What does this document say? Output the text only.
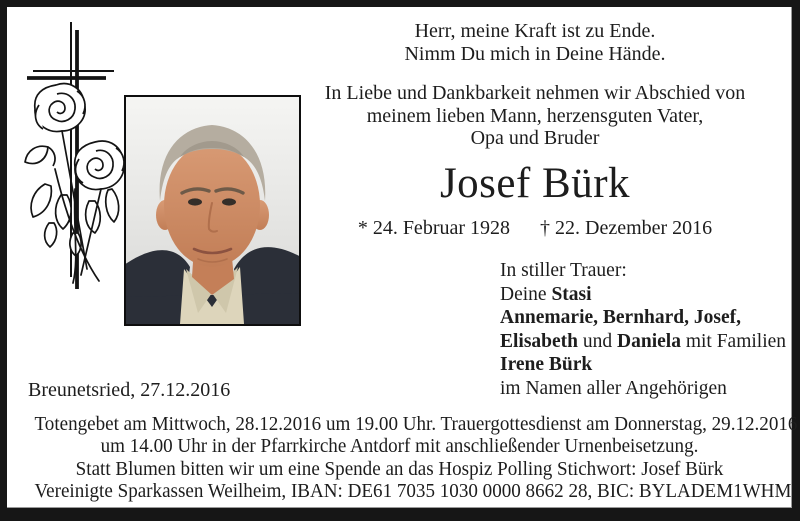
Herr, meine Kraft ist zu Ende.
Nimm Du mich in Deine Hände.
In Liebe und Dankbarkeit nehmen wir Abschied von
meinem lieben Mann, herzensguten Vater,
Opa und Bruder
Josef Bürk
* 24. Februar 1928 † 22. Dezember 2016
In stiller Trauer:
Deine Stasi
Annemarie, Bernhard, Josef,
Elisabeth und Daniela mit Familien
Irene Bürk
im Namen aller Angehörigen
Breunetsried, 27.12.2016
Totengebet am Mittwoch, 28.12.2016 um 19.00 Uhr. Trauergottesdienst am Donnerstag, 29.12.2016
um 14.00 Uhr in der Pfarrkirche Antdorf mit anschließender Urnenbeisetzung.
Statt Blumen bitten wir um eine Spende an das Hospiz Polling Stichwort: Josef Bürk
Vereinigte Sparkassen Weilheim, IBAN: DE61 7035 1030 0000 8662 28, BIC: BYLADEM1WHM
